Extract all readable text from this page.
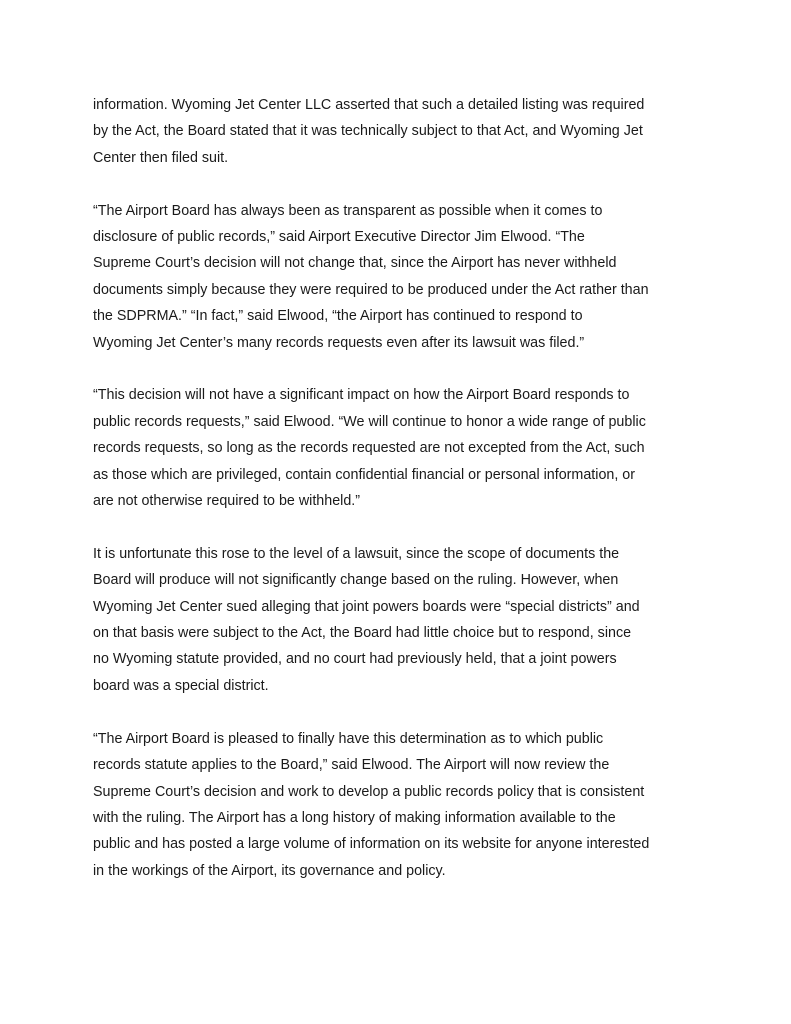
information. Wyoming Jet Center LLC asserted that such a detailed listing was required
by the Act, the Board stated that it was technically subject to that Act, and Wyoming Jet
Center then filed suit.

“The Airport Board has always been as transparent as possible when it comes to
disclosure of public records,” said Airport Executive Director Jim Elwood. “The
Supreme Court’s decision will not change that, since the Airport has never withheld
documents simply because they were required to be produced under the Act rather than
the SDPRMA.” “In fact,” said Elwood, “the Airport has continued to respond to
Wyoming Jet Center’s many records requests even after its lawsuit was filed.”

“This decision will not have a significant impact on how the Airport Board responds to
public records requests,” said Elwood. “We will continue to honor a wide range of public
records requests, so long as the records requested are not excepted from the Act, such
as those which are privileged, contain confidential financial or personal information, or
are not otherwise required to be withheld.”

It is unfortunate this rose to the level of a lawsuit, since the scope of documents the
Board will produce will not significantly change based on the ruling. However, when
Wyoming Jet Center sued alleging that joint powers boards were “special districts” and
on that basis were subject to the Act, the Board had little choice but to respond, since
no Wyoming statute provided, and no court had previously held, that a joint powers
board was a special district.

“The Airport Board is pleased to finally have this determination as to which public
records statute applies to the Board,” said Elwood. The Airport will now review the
Supreme Court’s decision and work to develop a public records policy that is consistent
with the ruling. The Airport has a long history of making information available to the
public and has posted a large volume of information on its website for anyone interested
in the workings of the Airport, its governance and policy.
